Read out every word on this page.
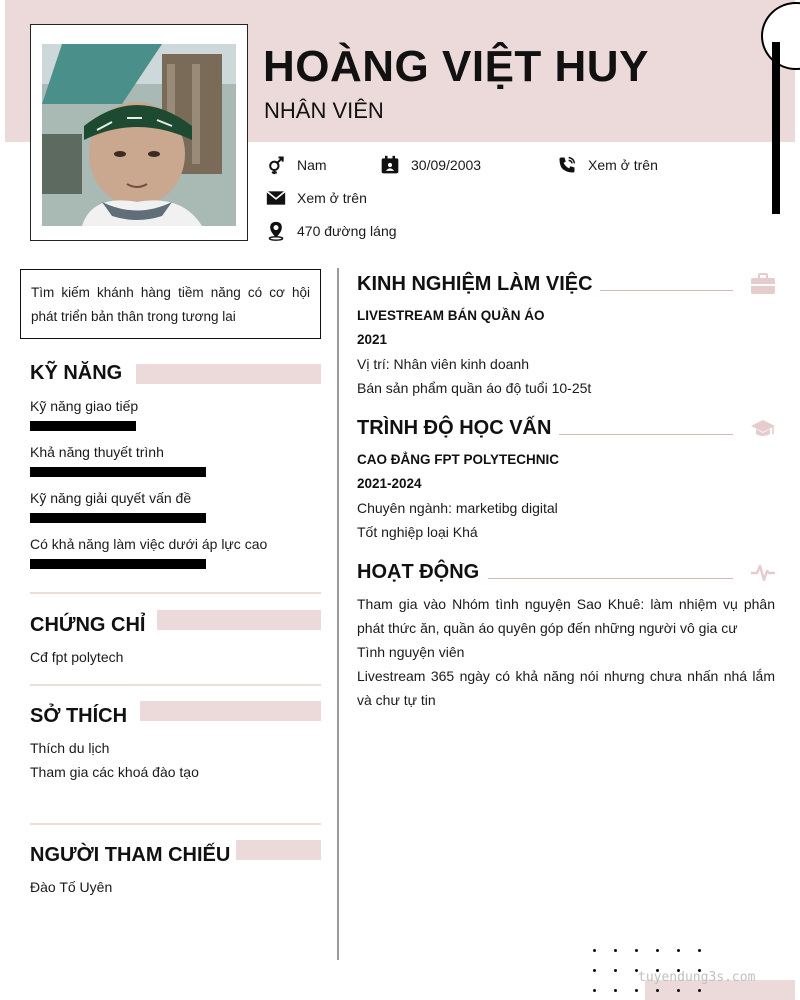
HOÀNG VIỆT HUY
NHÂN VIÊN
Nam	30/09/2003	Xem ở trên
Xem ở trên
470 đường láng
Tìm kiếm khánh hàng tiềm năng có cơ hội phát triển bản thân trong tương lai
KỸ NĂNG
Kỹ năng giao tiếp
Khả năng thuyết trình
Kỹ năng giải quyết vấn đề
Có khả năng làm việc dưới áp lực cao
CHỨNG CHỈ
Cđ fpt polytech
SỞ THÍCH
Thích du lịch
Tham gia các khoá đào tạo
NGƯỜI THAM CHIẾU
Đào Tố Uyên
KINH NGHIỆM LÀM VIỆC
LIVESTREAM BÁN QUẦN ÁO
2021
Vị trí: Nhân viên kinh doanh
Bán sản phẩm quần áo độ tuổi 10-25t
TRÌNH ĐỘ HỌC VẤN
CAO ĐẲNG FPT POLYTECHNIC
2021-2024
Chuyên ngành: marketibg digital
Tốt nghiệp loại Khá
HOẠT ĐỘNG
Tham gia vào Nhóm tình nguyện Sao Khuê: làm nhiệm vụ phân phát thức ăn, quần áo quyên góp đến những người vô gia cư
Tình nguyện viên
Livestream 365 ngày có khả năng nói nhưng chưa nhấn nhá lắm và chư tự tin
tuyendung3s.com
